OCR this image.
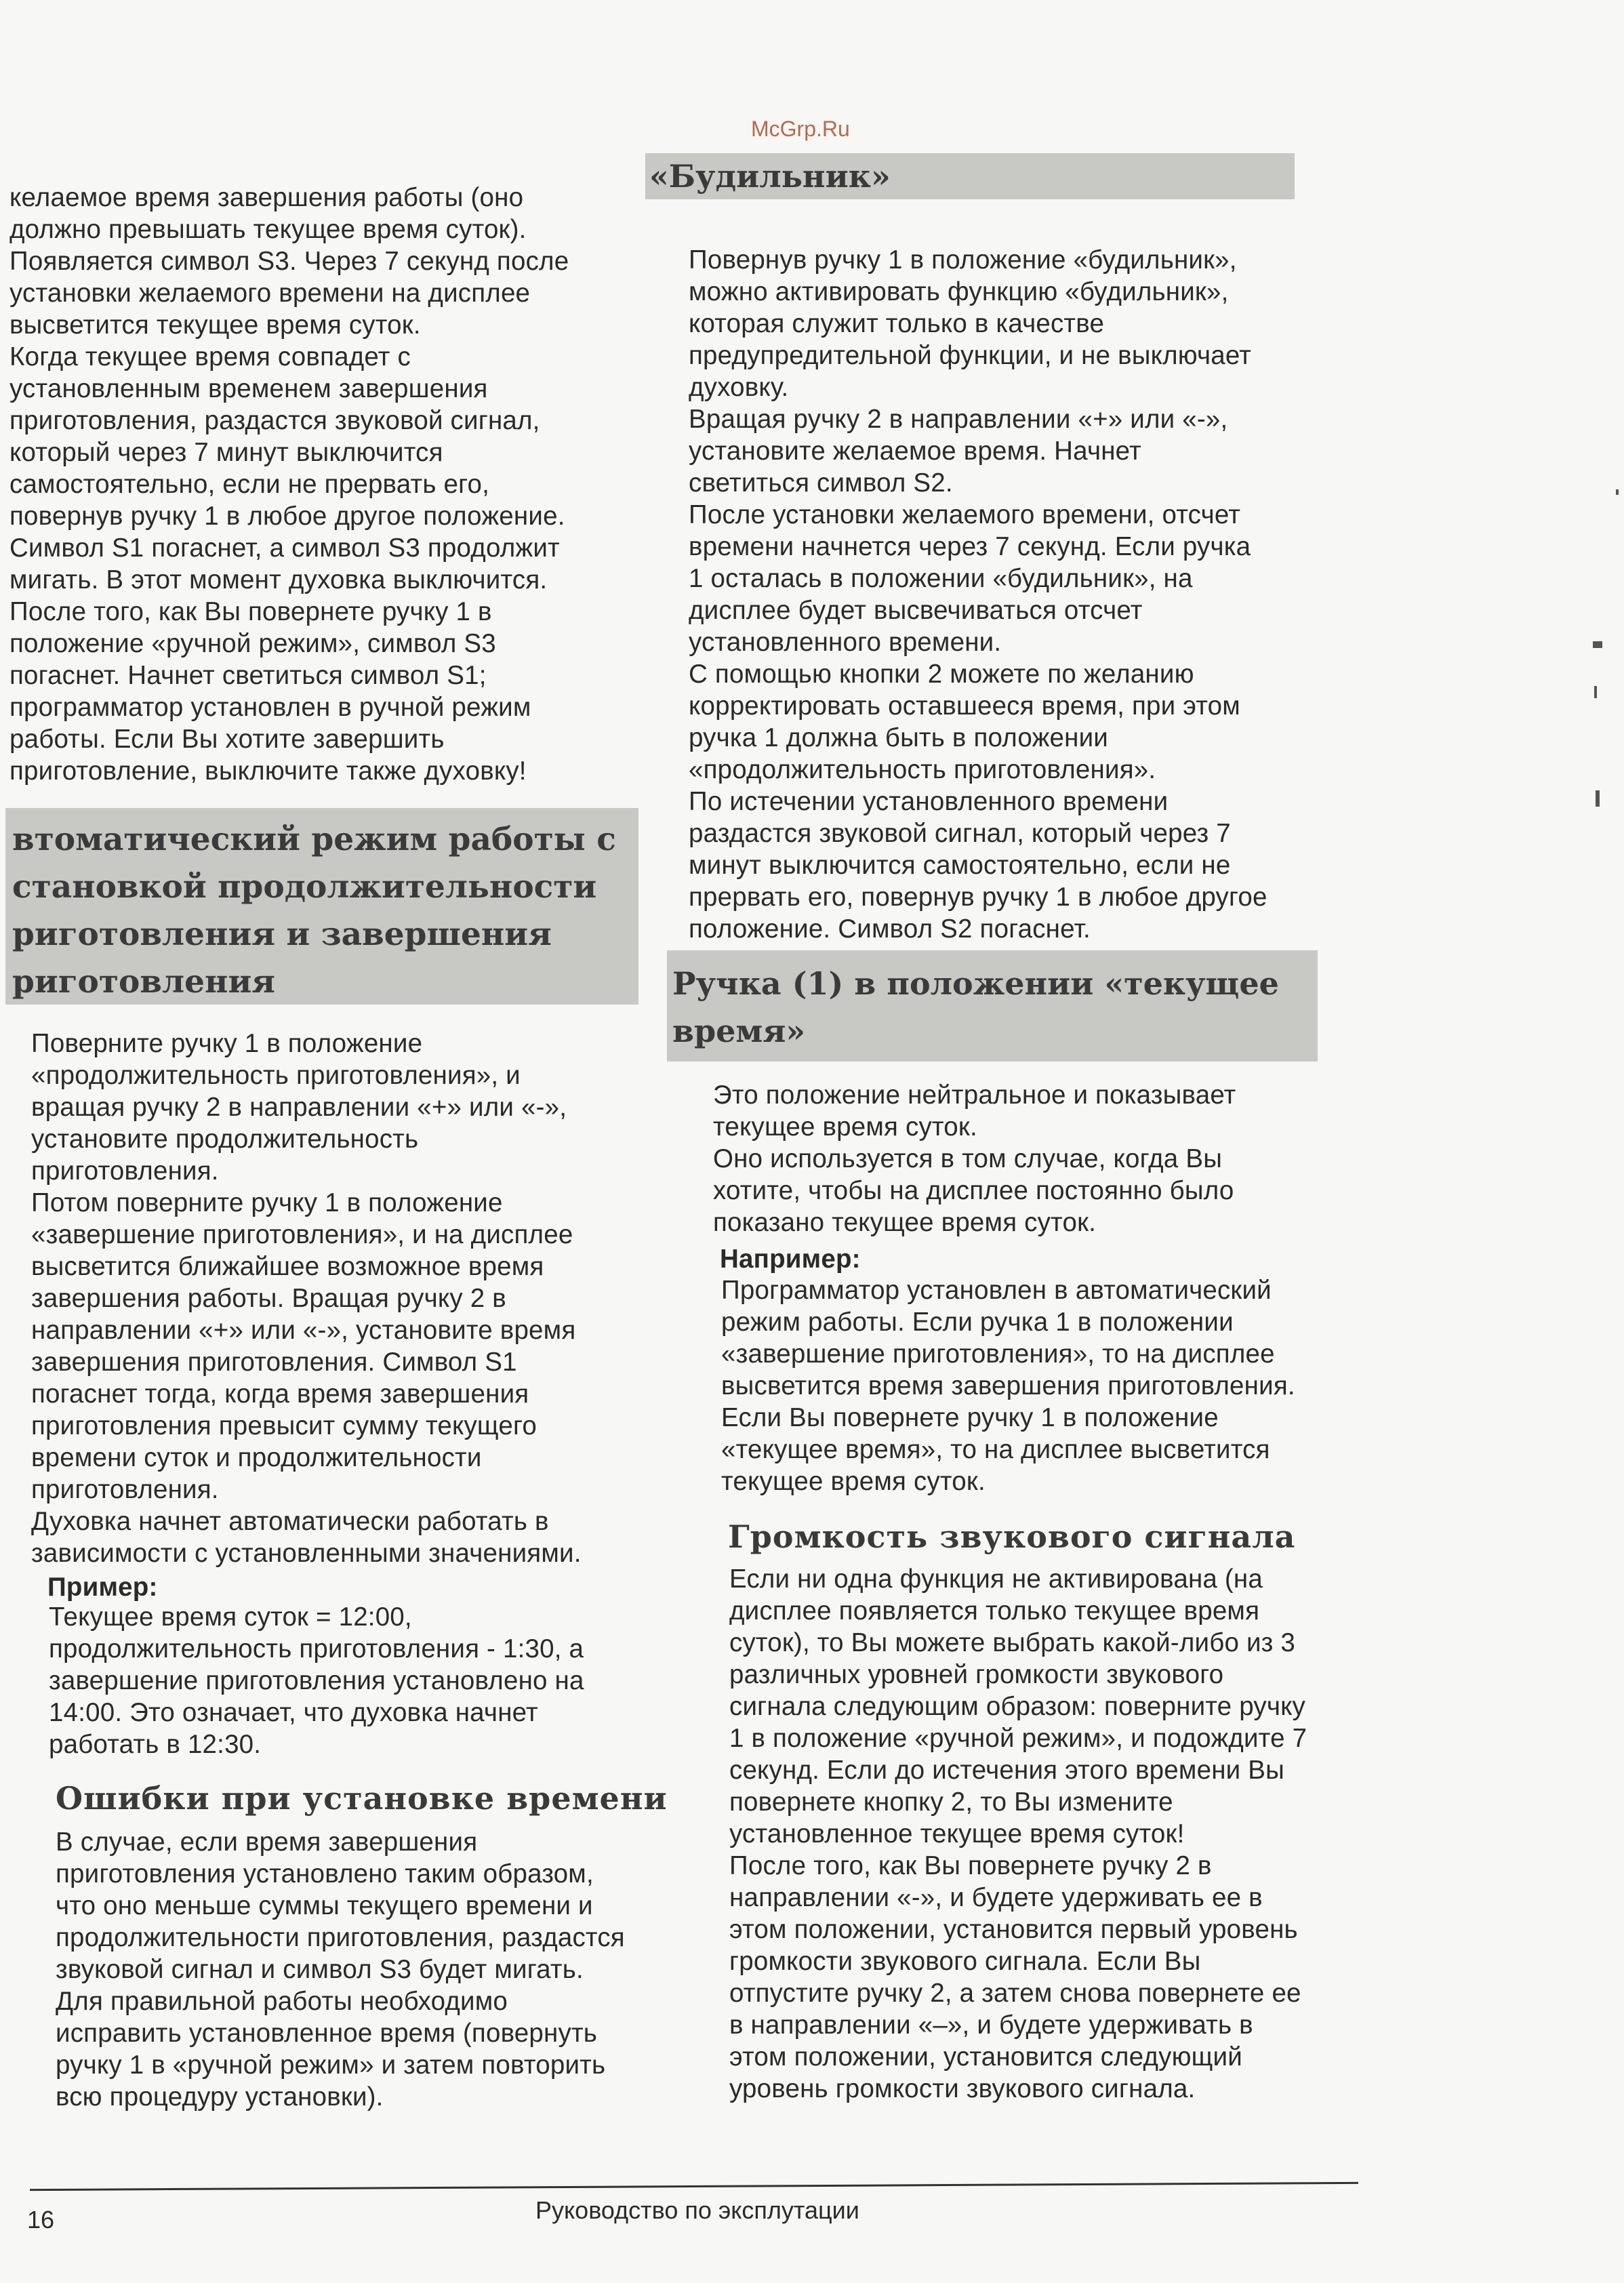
McGrp.Ru

келаемое время завершения работы (оно
должно превышать текущее время суток).
Появляется символ S3. Через 7 секунд после
установки желаемого времени на дисплее
высветится текущее время суток.
Когда текущее время совпадет с
установленным временем завершения
приготовления, раздастся звуковой сигнал,
который через 7 минут выключится
самостоятельно, если не прервать его,
повернув ручку 1 в любое другое положение.
Символ S1 погаснет, а символ S3 продолжит
мигать. В этот момент духовка выключится.
После того, как Вы повернете ручку 1 в
положение «ручной режим», символ S3
погаснет. Начнет светиться символ S1;
программатор установлен в ручной режим
работы. Если Вы хотите завершить
приготовление, выключите также духовку!

втоматический режим работы с
становкой продолжительности
риготовления и завершения
риготовления

Поверните ручку 1 в положение
«продолжительность приготовления», и
вращая ручку 2 в направлении «+» или «-»,
установите продолжительность
приготовления.
Потом поверните ручку 1 в положение
«завершение приготовления», и на дисплее
высветится ближайшее возможное время
завершения работы. Вращая ручку 2 в
направлении «+» или «-», установите время
завершения приготовления. Символ S1
погаснет тогда, когда время завершения
приготовления превысит сумму текущего
времени суток и продолжительности
приготовления.
Духовка начнет автоматически работать в
зависимости с установленными значениями.

Пример:

Текущее время суток = 12:00,
продолжительность приготовления - 1:30, а
завершение приготовления установлено на
14:00. Это означает, что духовка начнет
работать в 12:30.

Ошибки при установке времени

В случае, если время завершения
приготовления установлено таким образом,
что оно меньше суммы текущего времени и
продолжительности приготовления, раздастся
звуковой сигнал и символ S3 будет мигать.
Для правильной работы необходимо
исправить установленное время (повернуть
ручку 1 в «ручной режим» и затем повторить
всю процедуру установки).

«Будильник»

Повернув ручку 1 в положение «будильник»,
можно активировать функцию «будильник»,
которая служит только в качестве
предупредительной функции, и не выключает
духовку.
Вращая ручку 2 в направлении «+» или «-»,
установите желаемое время. Начнет
светиться символ S2.
После установки желаемого времени, отсчет
времени начнется через 7 секунд. Если ручка
1 осталась в положении «будильник», на
дисплее будет высвечиваться отсчет
установленного времени.
С помощью кнопки 2 можете по желанию
корректировать оставшееся время, при этом
ручка 1 должна быть в положении
«продолжительность приготовления».
По истечении установленного времени
раздастся звуковой сигнал, который через 7
минут выключится самостоятельно, если не
прервать его, повернув ручку 1 в любое другое
положение. Символ S2 погаснет.

Ручка (1) в положении «текущее
время»

Это положение нейтральное и показывает
текущее время суток.
Оно используется в том случае, когда Вы
хотите, чтобы на дисплее постоянно было
показано текущее время суток.

Например:

Программатор установлен в автоматический
режим работы. Если ручка 1 в положении
«завершение приготовления», то на дисплее
высветится время завершения приготовления.
Если Вы повернете ручку 1 в положение
«текущее время», то на дисплее высветится
текущее время суток.

Громкость звукового сигнала

Если ни одна функция не активирована (на
дисплее появляется только текущее время
суток), то Вы можете выбрать какой-либо из 3
различных уровней громкости звукового
сигнала следующим образом: поверните ручку
1 в положение «ручной режим», и подождите 7
секунд. Если до истечения этого времени Вы
повернете кнопку 2, то Вы измените
установленное текущее время суток!
После того, как Вы повернете ручку 2 в
направлении «-», и будете удерживать ее в
этом положении, установится первый уровень
громкости звукового сигнала. Если Вы
отпустите ручку 2, а затем снова повернете ее
в направлении «–», и будете удерживать в
этом положении, установится следующий
уровень громкости звукового сигнала.

16	Руководство по эксплутации
